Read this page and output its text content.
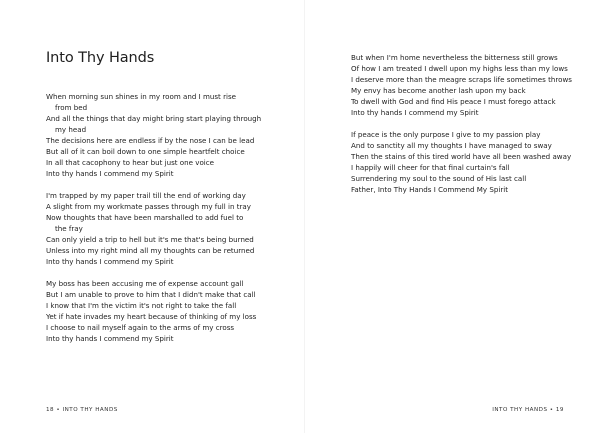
Into Thy Hands
When morning sun shines in my room and I must rise
from bed
And all the things that day might bring start playing through
my head
The decisions here are endless if by the nose I can be lead
But all of it can boil down to one simple heartfelt choice
In all that cacophony to hear but just one voice
Into thy hands I commend my Spirit
I'm trapped by my paper trail till the end of working day
A slight from my workmate passes through my full in tray
Now thoughts that have been marshalled to add fuel to
the fray
Can only yield a trip to hell but it's me that's being burned
Unless into my right mind all my thoughts can be returned
Into thy hands I commend my Spirit
My boss has been accusing me of expense account gall
But I am unable to prove to him that I didn't make that call
I know that I'm the victim it's not right to take the fall
Yet if hate invades my heart because of thinking of my loss
I choose to nail myself again to the arms of my cross
Into thy hands I commend my Spirit
18 • INTO THY HANDS
But when I'm home nevertheless the bitterness still grows
Of how I am treated I dwell upon my highs less than my lows
I deserve more than the meagre scraps life sometimes throws
My envy has become another lash upon my back
To dwell with God and find His peace I must forego attack
Into thy hands I commend my Spirit
If peace is the only purpose I give to my passion play
And to sanctity all my thoughts I have managed to sway
Then the stains of this tired world have all been washed away
I happily will cheer for that final curtain's fall
Surrendering my soul to the sound of His last call
Father, Into Thy Hands I Commend My Spirit
INTO THY HANDS • 19
